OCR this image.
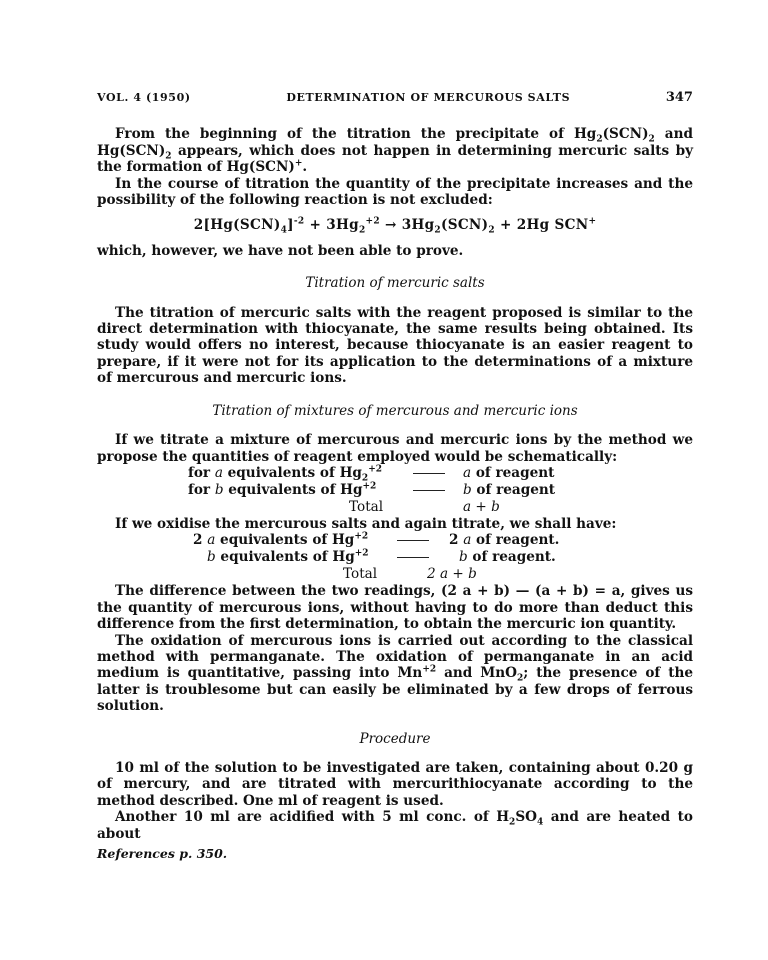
VOL. 4 (1950)	DETERMINATION OF MERCUROUS SALTS	347

From the beginning of the titration the precipitate of $Hg_2(SCN)_2$ and $Hg(SCN)_2$ appears, which does not happen in determining mercuric salts by the formation of Hg(SCN)+.

In the course of titration the quantity of the precipitate increases and the possibility of the following reaction is not excluded:

$2[Hg(SCN)_4]^{-2} + 3Hg_2^{+2} \to 3Hg_2(SCN)_2 + 2Hg$ SCN+

which, however, we have not been able to prove.

Titration of mercuric salts

The titration of mercuric salts with the reagent proposed is similar to the direct determination with thiocyanate, the same results being obtained. Its study would offers no interest, because thiocyanate is an easier reagent to prepare, if it were not for its application to the determinations of a mixture of mercurous and mercuric ions.

Titration of mixtures of mercurous and mercuric ions

If we titrate a mixture of mercurous and mercuric ions by the method we propose the quantities of reagent employed would be schematically:

for a equivalents of $Hg_2^{+2}$	a of reagent
for b equivalents of $Hg^{+2}$	b of reagent
Total	a + b

If we oxidise the mercurous salts and again titrate, we shall have:

2 a equivalents of $Hg^{+2}$	2 a of reagent.
b equivalents of $Hg^{+2}$	b of reagent.
Total	2 a + b

The difference between the two readings, (2 a + b) — (a + b) = a, gives us the quantity of mercurous ions, without having to do more than deduct this difference from the first determination, to obtain the mercuric ion quantity.

The oxidation of mercurous ions is carried out according to the classical method with permanganate. The oxidation of permanganate in an acid medium is quantitative, passing into $Mn^{+2}$ and MnO$_2$; the presence of the latter is troublesome but can easily be eliminated by a few drops of ferrous solution.

Procedure

10 ml of the solution to be investigated are taken, containing about 0.20 g of mercury, and are titrated with mercurithiocyanate according to the method described. One ml of reagent is used.

Another 10 ml are acidified with 5 ml conc. of $H_2SO_4$ and are heated to about

References p. 350.
